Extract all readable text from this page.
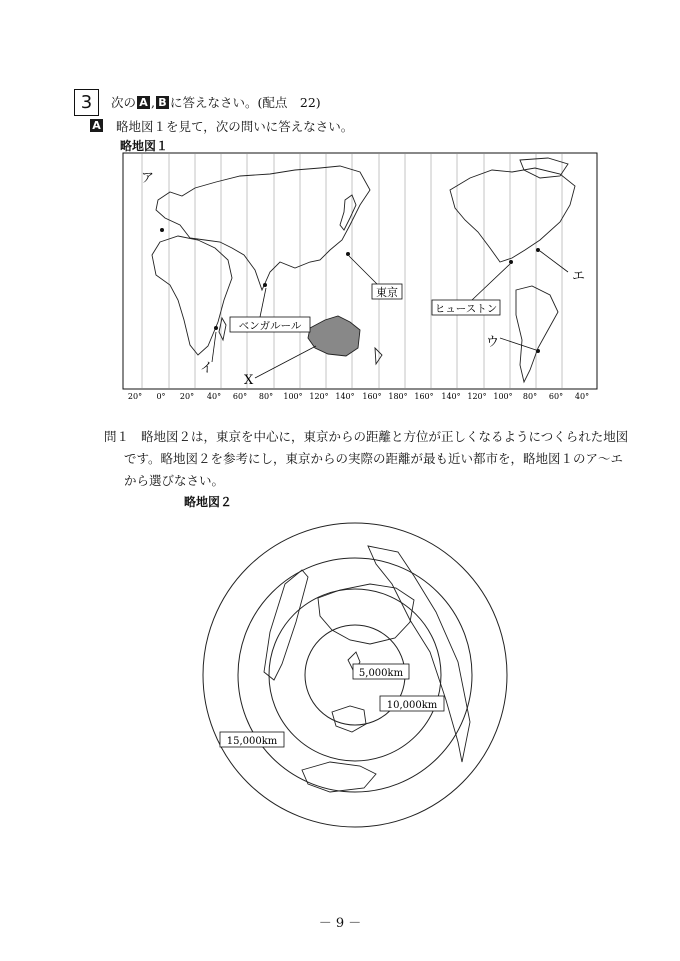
3	次の A , B に答えなさい。(配点　22)
A 略地図１を見て，次の問いに答えなさい。
略地図１
東京
ベンガルール
ヒューストン
ア
イ
ウ
エ
X
20° 0° 20° 40° 60° 80° 100° 120° 140° 160° 180° 160° 140° 120° 100° 80° 60° 40°
問１ 略地図２は，東京を中心に，東京からの距離と方位が正しくなるようにつくられた地図
です。略地図２を参考にし，東京からの実際の距離が最も近い都市を，略地図１のア～エ
から選びなさい。
略地図２
5,000km
10,000km
15,000km
－ 9 －
